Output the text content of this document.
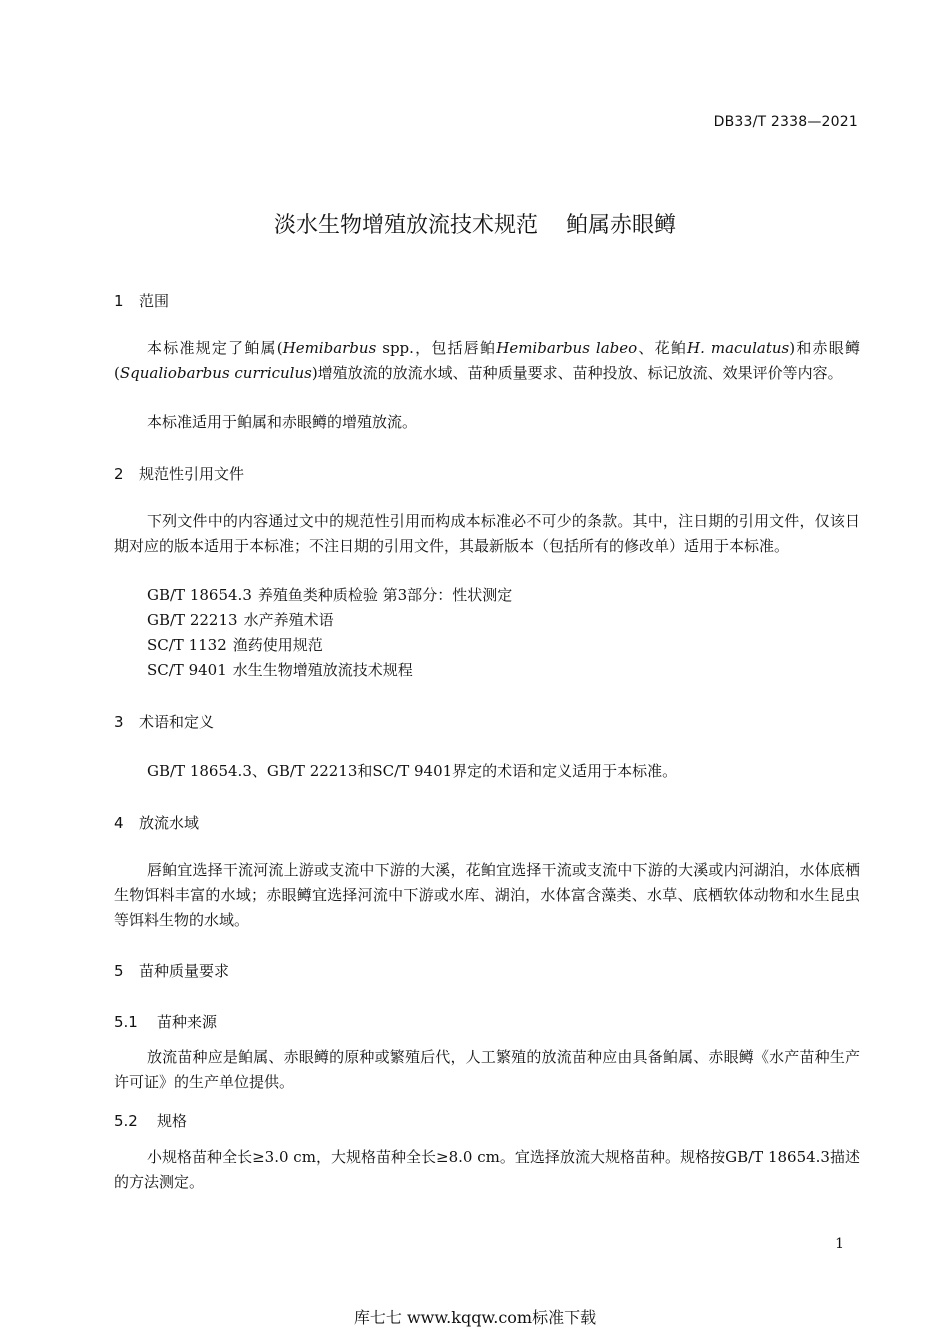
DB33/T 2338—2021
淡水生物增殖放流技术规范 鲌属赤眼鳟
1 范围
本标准规定了鲌属(Hemibarbus spp.，包括唇鲌Hemibarbus labeo、花鲌H. maculatus)和赤眼鳟(Squaliobarbus curriculus)增殖放流的放流水域、苗种质量要求、苗种投放、标记放流、效果评价等内容。
本标准适用于鲌属和赤眼鳟的增殖放流。
2 规范性引用文件
下列文件中的内容通过文中的规范性引用而构成本标准必不可少的条款。其中，注日期的引用文件，仅该日期对应的版本适用于本标准；不注日期的引用文件，其最新版本（包括所有的修改单）适用于本标准。
GB/T 18654.3 养殖鱼类种质检验 第3部分：性状测定
GB/T 22213 水产养殖术语
SC/T 1132 渔药使用规范
SC/T 9401 水生生物增殖放流技术规程
3 术语和定义
GB/T 18654.3、GB/T 22213和SC/T 9401界定的术语和定义适用于本标准。
4 放流水域
唇鲌宜选择干流河流上游或支流中下游的大溪，花鲌宜选择干流或支流中下游的大溪或内河湖泊，水体底栖生物饵料丰富的水域；赤眼鳟宜选择河流中下游或水库、湖泊，水体富含藻类、水草、底栖软体动物和水生昆虫等饵料生物的水域。
5 苗种质量要求
5.1 苗种来源
放流苗种应是鲌属、赤眼鳟的原种或繁殖后代，人工繁殖的放流苗种应由具备鲌属、赤眼鳟《水产苗种生产许可证》的生产单位提供。
5.2 规格
小规格苗种全长≥3.0 cm，大规格苗种全长≥8.0 cm。宜选择放流大规格苗种。规格按GB/T 18654.3描述的方法测定。
1
库七七 www.kqqw.com标准下载
